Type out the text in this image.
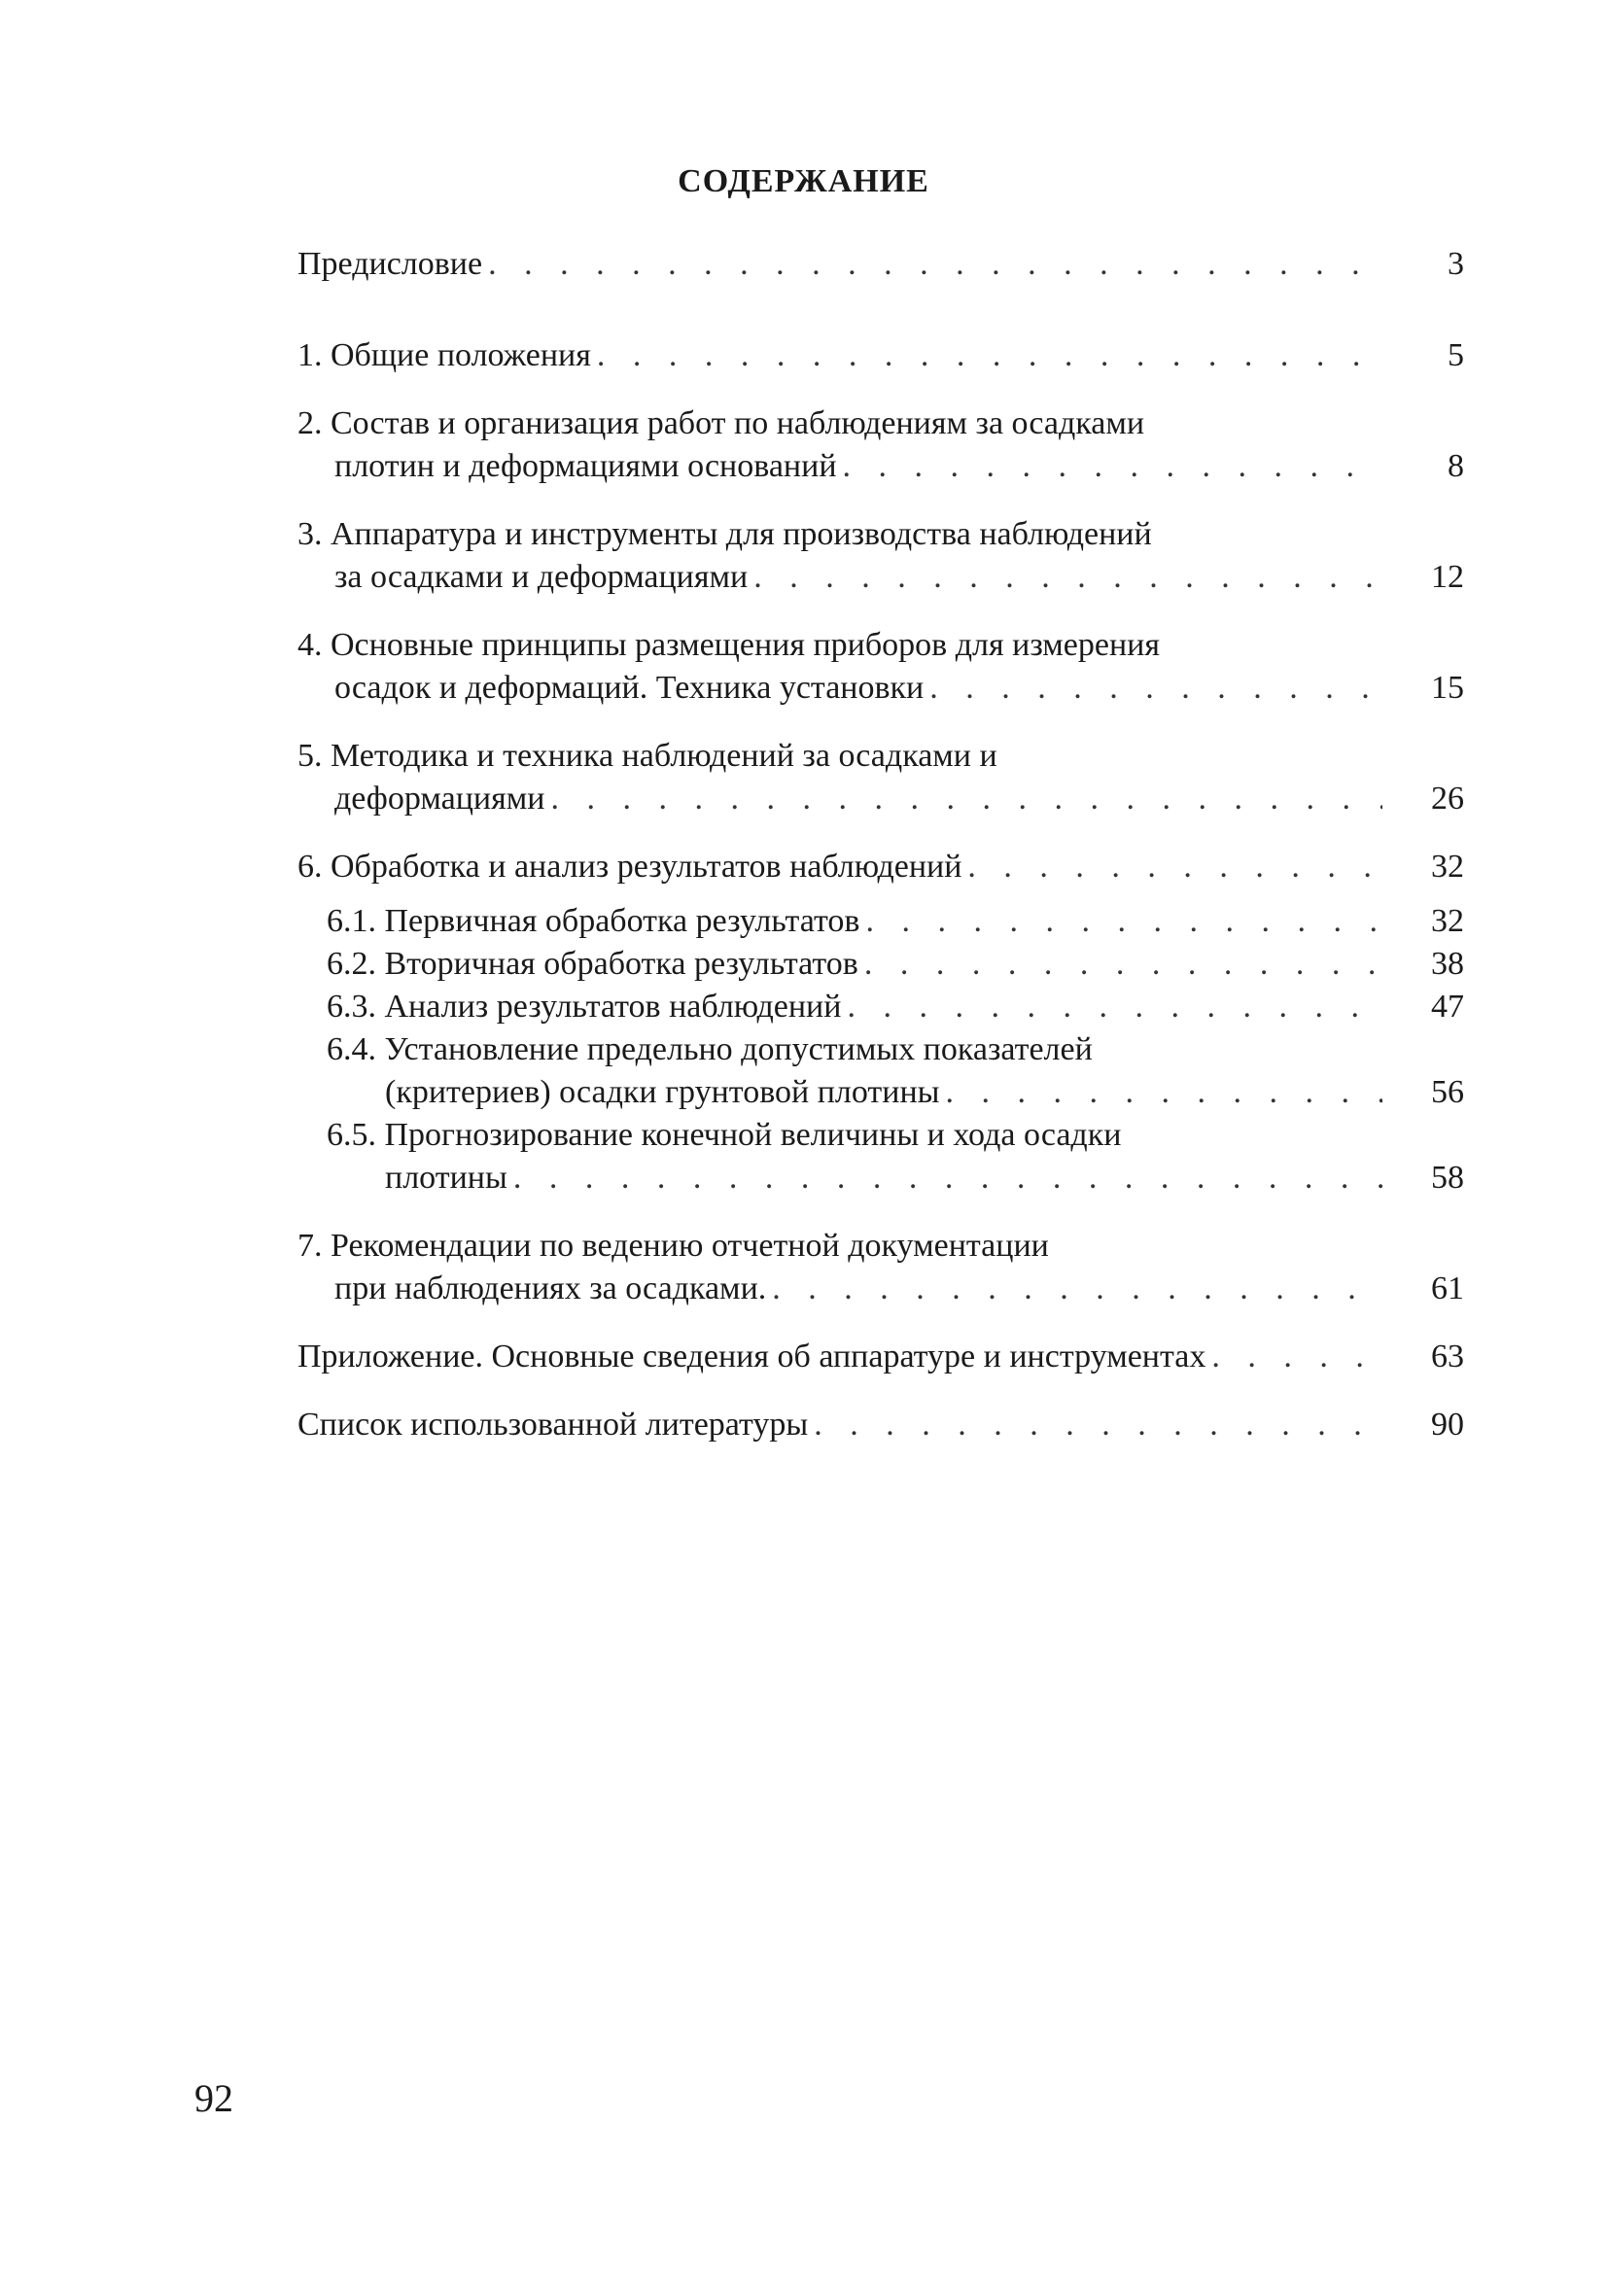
СОДЕРЖАНИЕ
Предисловие . . .	3
1. Общие положения . . .	5
2. Состав и организация работ по наблюдениям за осадками
плотин и деформациями оснований . . .	8
3. Аппаратура и инструменты для производства наблюдений
за осадками и деформациями . . .	12
4. Основные принципы размещения приборов для измерения
осадок и деформаций. Техника установки . . .	15
5. Методика и техника наблюдений за осадками и
деформациями . . .	26
6. Обработка и анализ результатов наблюдений . . .	32
6.1. Первичная обработка результатов . . .	32
6.2. Вторичная обработка результатов . . .	38
6.3. Анализ результатов наблюдений . . .	47
6.4. Установление предельно допустимых показателей
(критериев) осадки грунтовой плотины . . .	56
6.5. Прогнозирование конечной величины и хода осадки
плотины . . .	58
7. Рекомендации по ведению отчетной документации
при наблюдениях за осадками. . . .	61
Приложение. Основные сведения об аппаратуре и инструментах . . .	63
Список использованной литературы . . .	90
92
